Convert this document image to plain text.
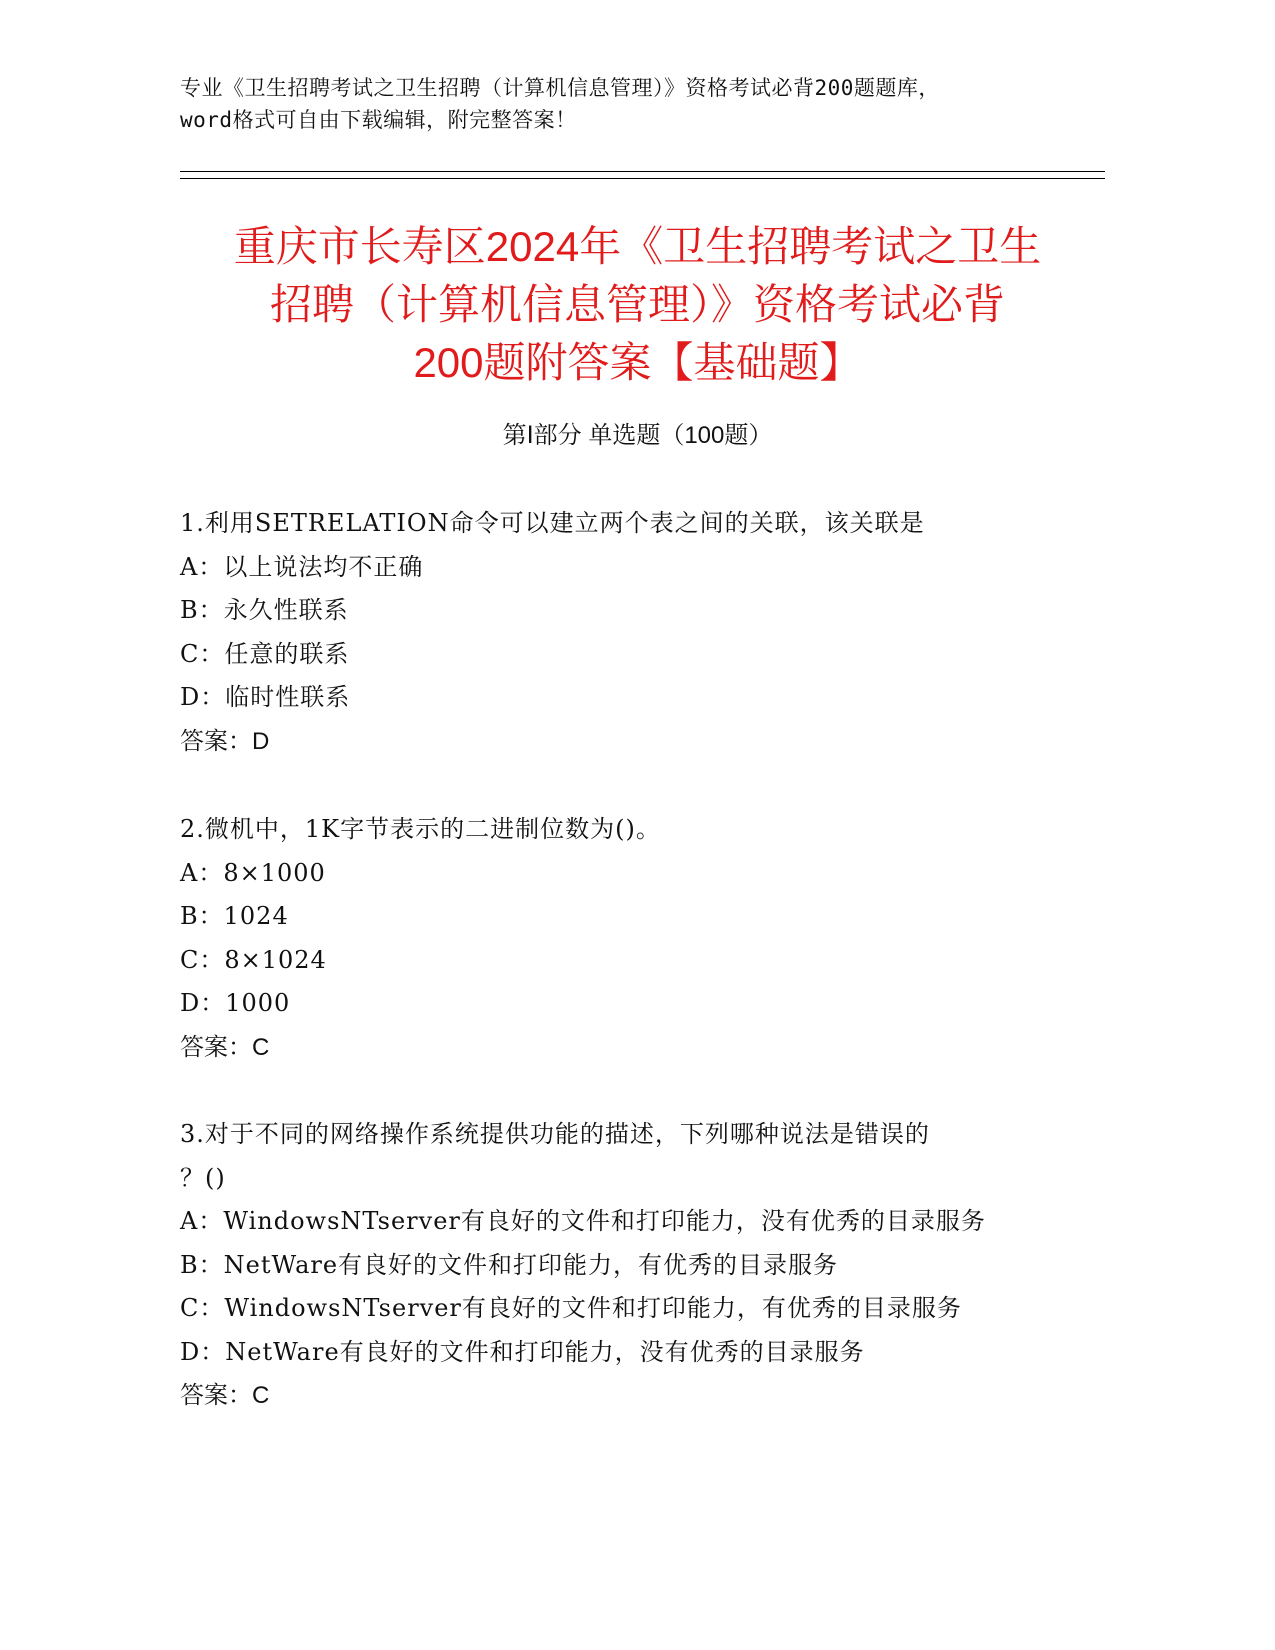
专业《卫生招聘考试之卫生招聘（计算机信息管理）》资格考试必背200题题库，
word格式可自由下载编辑，附完整答案！
重庆市长寿区2024年《卫生招聘考试之卫生
招聘（计算机信息管理）》资格考试必背
200题附答案【基础题】
第Ⅰ部分 单选题（100题）
1.利用SETRELATION命令可以建立两个表之间的关联，该关联是
A：以上说法均不正确
B：永久性联系
C：任意的联系
D：临时性联系
答案：D
2.微机中，1K字节表示的二进制位数为()。
A：8×1000
B：1024
C：8×1024
D：1000
答案：C
3.对于不同的网络操作系统提供功能的描述，下列哪种说法是错误的
？()
A：WindowsNTserver有良好的文件和打印能力，没有优秀的目录服务
B：NetWare有良好的文件和打印能力，有优秀的目录服务
C：WindowsNTserver有良好的文件和打印能力，有优秀的目录服务
D：NetWare有良好的文件和打印能力，没有优秀的目录服务
答案：C
